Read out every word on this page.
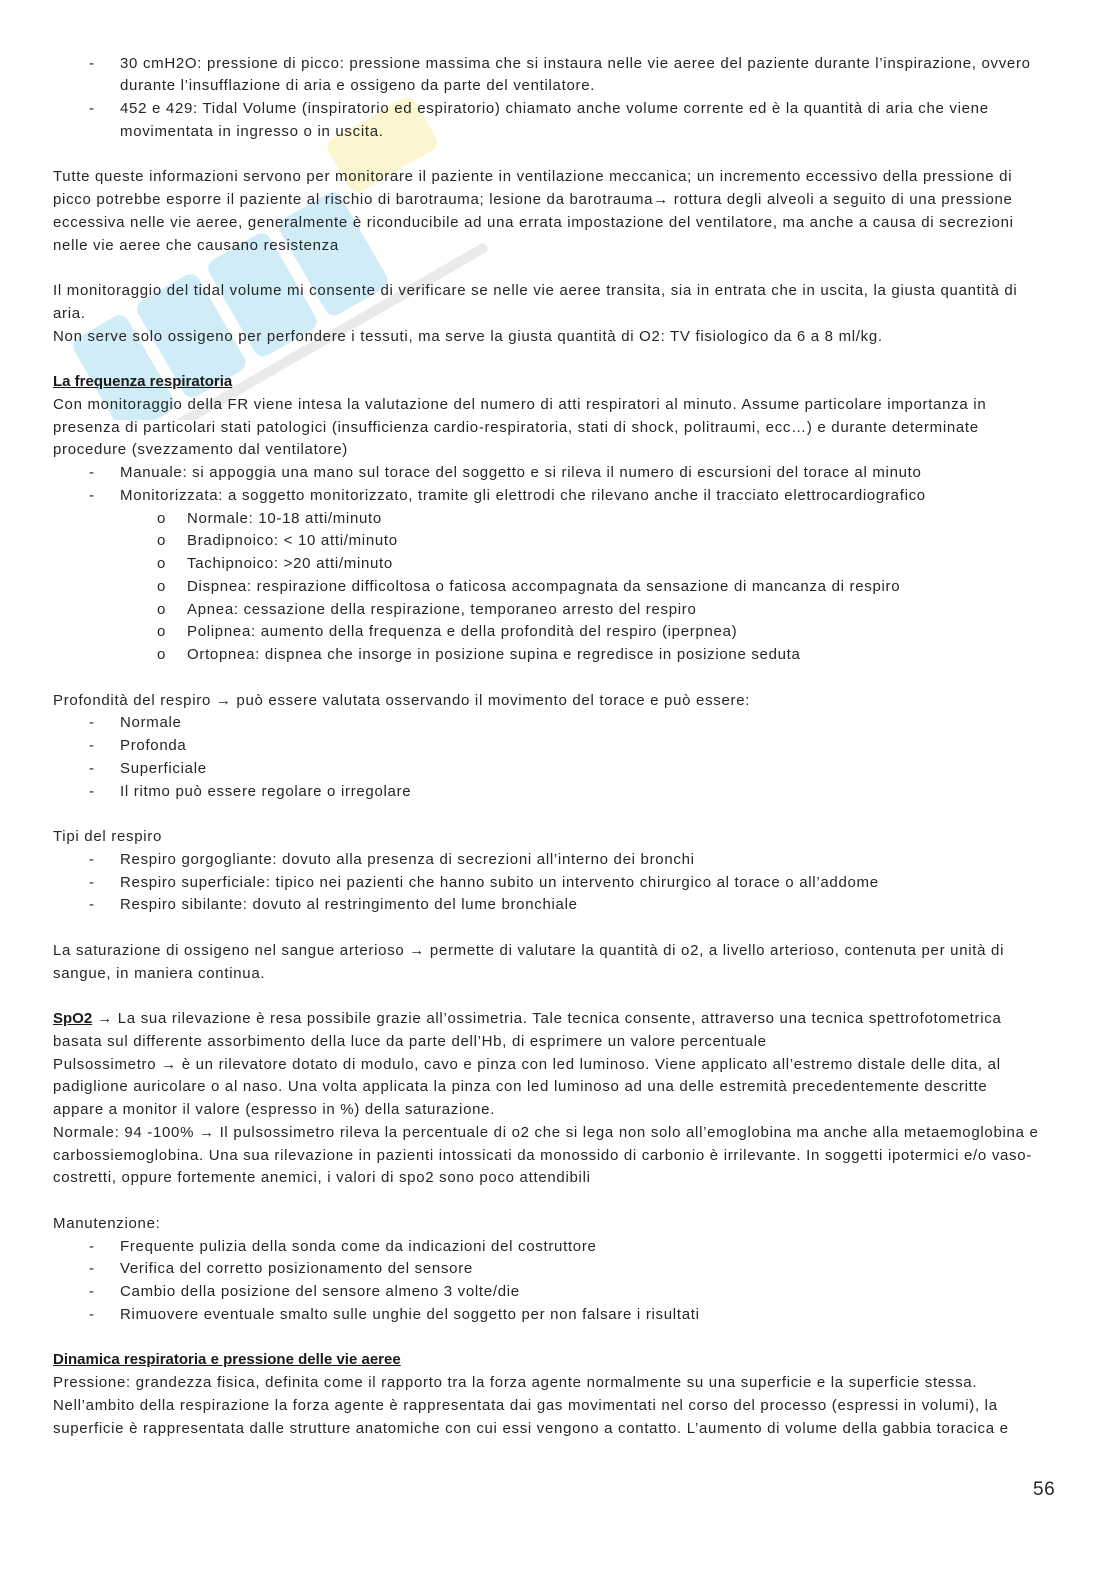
- 30 cmH2O: pressione di picco: pressione massima che si instaura nelle vie aeree del paziente durante l’inspirazione, ovvero
durante l’insufflazione di aria e ossigeno da parte del ventilatore.
- 452 e 429: Tidal Volume (inspiratorio ed espiratorio) chiamato anche volume corrente ed è la quantità di aria che viene
movimentata in ingresso o in uscita.
Tutte queste informazioni servono per monitorare il paziente in ventilazione meccanica; un incremento eccessivo della pressione di
picco potrebbe esporre il paziente al rischio di barotrauma; lesione da barotrauma→ rottura degli alveoli a seguito di una pressione
eccessiva nelle vie aeree, generalmente è riconducibile ad una errata impostazione del ventilatore, ma anche a causa di secrezioni
nelle vie aeree che causano resistenza
Il monitoraggio del tidal volume mi consente di verificare se nelle vie aeree transita, sia in entrata che in uscita, la giusta quantità di
aria.
Non serve solo ossigeno per perfondere i tessuti, ma serve la giusta quantità di O2: TV fisiologico da 6 a 8 ml/kg.
La frequenza respiratoria
Con monitoraggio della FR viene intesa la valutazione del numero di atti respiratori al minuto. Assume particolare importanza in
presenza di particolari stati patologici (insufficienza cardio-respiratoria, stati di shock, politraumi, ecc…) e durante determinate
procedure (svezzamento dal ventilatore)
- Manuale: si appoggia una mano sul torace del soggetto e si rileva il numero di escursioni del torace al minuto
- Monitorizzata: a soggetto monitorizzato, tramite gli elettrodi che rilevano anche il tracciato elettrocardiografico
o Normale: 10-18 atti/minuto
o Bradipnoico: < 10 atti/minuto
o Tachipnoico: >20 atti/minuto
o Dispnea: respirazione difficoltosa o faticosa accompagnata da sensazione di mancanza di respiro
o Apnea: cessazione della respirazione, temporaneo arresto del respiro
o Polipnea: aumento della frequenza e della profondità del respiro (iperpnea)
o Ortopnea: dispnea che insorge in posizione supina e regredisce in posizione seduta
Profondità del respiro → può essere valutata osservando il movimento del torace e può essere:
- Normale
- Profonda
- Superficiale
- Il ritmo può essere regolare o irregolare
Tipi del respiro
- Respiro gorgogliante: dovuto alla presenza di secrezioni all’interno dei bronchi
- Respiro superficiale: tipico nei pazienti che hanno subito un intervento chirurgico al torace o all’addome
- Respiro sibilante: dovuto al restringimento del lume bronchiale
La saturazione di ossigeno nel sangue arterioso → permette di valutare la quantità di o2, a livello arterioso, contenuta per unità di
sangue, in maniera continua.
SpO2 → La sua rilevazione è resa possibile grazie all’ossimetria. Tale tecnica consente, attraverso una tecnica spettrofotometrica
basata sul differente assorbimento della luce da parte dell’Hb, di esprimere un valore percentuale
Pulsossimetro → è un rilevatore dotato di modulo, cavo e pinza con led luminoso. Viene applicato all’estremo distale delle dita, al
padiglione auricolare o al naso. Una volta applicata la pinza con led luminoso ad una delle estremità precedentemente descritte
appare a monitor il valore (espresso in %) della saturazione.
Normale: 94 -100% → Il pulsossimetro rileva la percentuale di o2 che si lega non solo all’emoglobina ma anche alla metaemoglobina e
carbossiemoglobina. Una sua rilevazione in pazienti intossicati da monossido di carbonio è irrilevante. In soggetti ipotermici e/o vaso-
costretti, oppure fortemente anemici, i valori di spo2 sono poco attendibili
Manutenzione:
- Frequente pulizia della sonda come da indicazioni del costruttore
- Verifica del corretto posizionamento del sensore
- Cambio della posizione del sensore almeno 3 volte/die
- Rimuovere eventuale smalto sulle unghie del soggetto per non falsare i risultati
Dinamica respiratoria e pressione delle vie aeree
Pressione: grandezza fisica, definita come il rapporto tra la forza agente normalmente su una superficie e la superficie stessa.
Nell’ambito della respirazione la forza agente è rappresentata dai gas movimentati nel corso del processo (espressi in volumi), la
superficie è rappresentata dalle strutture anatomiche con cui essi vengono a contatto. L’aumento di volume della gabbia toracica e
56
